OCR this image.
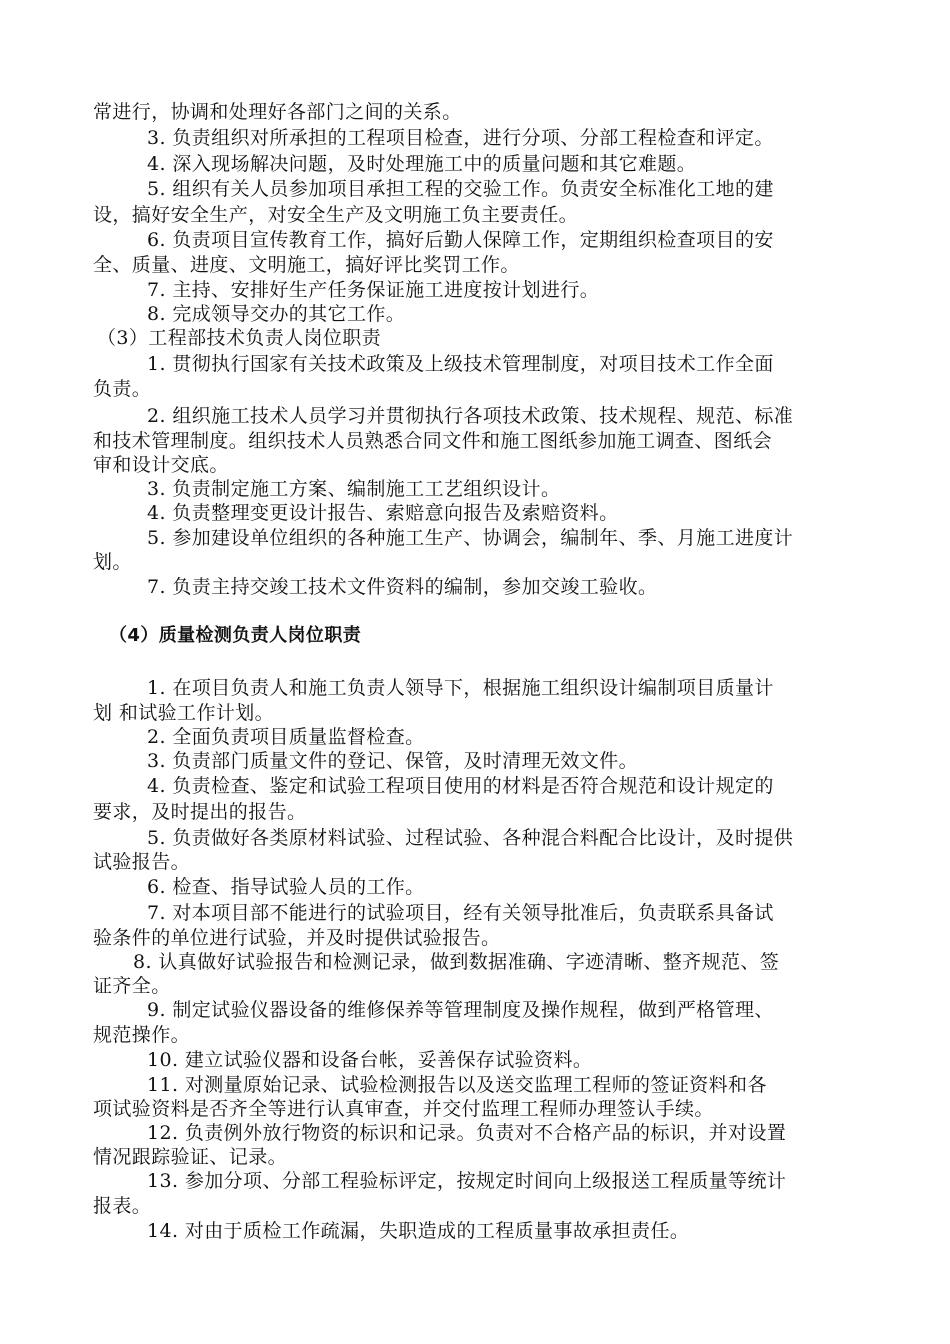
常进行，协调和处理好各部门之间的关系。
3. 负责组织对所承担的工程项目检查，进行分项、分部工程检查和评定。
4. 深入现场解决问题，及时处理施工中的质量问题和其它难题。
5. 组织有关人员参加项目承担工程的交验工作。负责安全标准化工地的建
设，搞好安全生产，对安全生产及文明施工负主要责任。
6. 负责项目宣传教育工作，搞好后勤人保障工作，定期组织检查项目的安
全、质量、进度、文明施工，搞好评比奖罚工作。
7. 主持、安排好生产任务保证施工进度按计划进行。
8. 完成领导交办的其它工作。
（3）工程部技术负责人岗位职责
1. 贯彻执行国家有关技术政策及上级技术管理制度，对项目技术工作全面
负责。
2. 组织施工技术人员学习并贯彻执行各项技术政策、技术规程、规范、标准
和技术管理制度。组织技术人员熟悉合同文件和施工图纸参加施工调查、图纸会
审和设计交底。
3. 负责制定施工方案、编制施工工艺组织设计。
4. 负责整理变更设计报告、索赔意向报告及索赔资料。
5. 参加建设单位组织的各种施工生产、协调会，编制年、季、月施工进度计
划。
7. 负责主持交竣工技术文件资料的编制，参加交竣工验收。
（4）质量检测负责人岗位职责
1. 在项目负责人和施工负责人领导下，根据施工组织设计编制项目质量计
划 和试验工作计划。
2. 全面负责项目质量监督检查。
3. 负责部门质量文件的登记、保管，及时清理无效文件。
4. 负责检查、鉴定和试验工程项目使用的材料是否符合规范和设计规定的
要求，及时提出的报告。
5. 负责做好各类原材料试验、过程试验、各种混合料配合比设计，及时提供
试验报告。
6. 检查、指导试验人员的工作。
7. 对本项目部不能进行的试验项目，经有关领导批准后，负责联系具备试
验条件的单位进行试验，并及时提供试验报告。
8. 认真做好试验报告和检测记录，做到数据准确、字迹清晰、整齐规范、签
证齐全。
9. 制定试验仪器设备的维修保养等管理制度及操作规程，做到严格管理、
规范操作。
10. 建立试验仪器和设备台帐，妥善保存试验资料。
11. 对测量原始记录、试验检测报告以及送交监理工程师的签证资料和各
项试验资料是否齐全等进行认真审查，并交付监理工程师办理签认手续。
12. 负责例外放行物资的标识和记录。负责对不合格产品的标识，并对设置
情况跟踪验证、记录。
13. 参加分项、分部工程验标评定，按规定时间向上级报送工程质量等统计
报表。
14. 对由于质检工作疏漏，失职造成的工程质量事故承担责任。
